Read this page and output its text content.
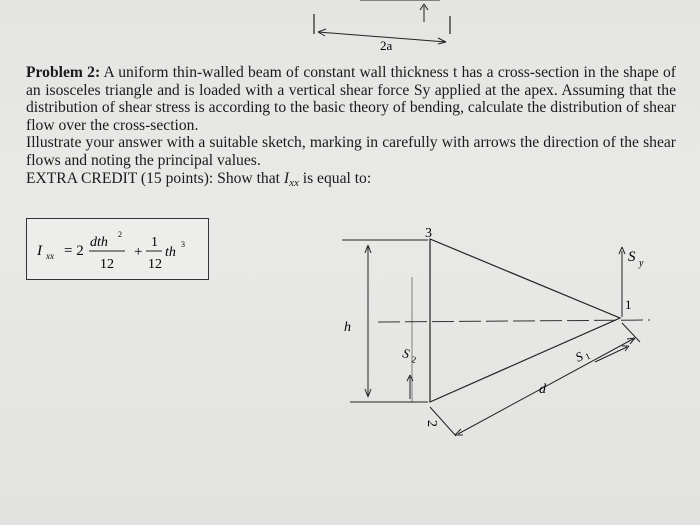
2a

Problem 2: A uniform thin-walled beam of constant wall thickness t has a cross-section in the shape of an isosceles triangle and is loaded with a vertical shear force Sy applied at the apex. Assuming that the distribution of shear stress is according to the basic theory of bending, calculate the distribution of shear flow over the cross-section.

Illustrate your answer with a suitable sketch, marking in carefully with arrows the direction of the shear flows and noting the principal values.

EXTRA CREDIT (15 points): Show that $I_{xx}$ is equal to:

I xx = 2
dth
2
12
+
1
12
th
3
3
1
2
S y
h
S 2	S
1
d
